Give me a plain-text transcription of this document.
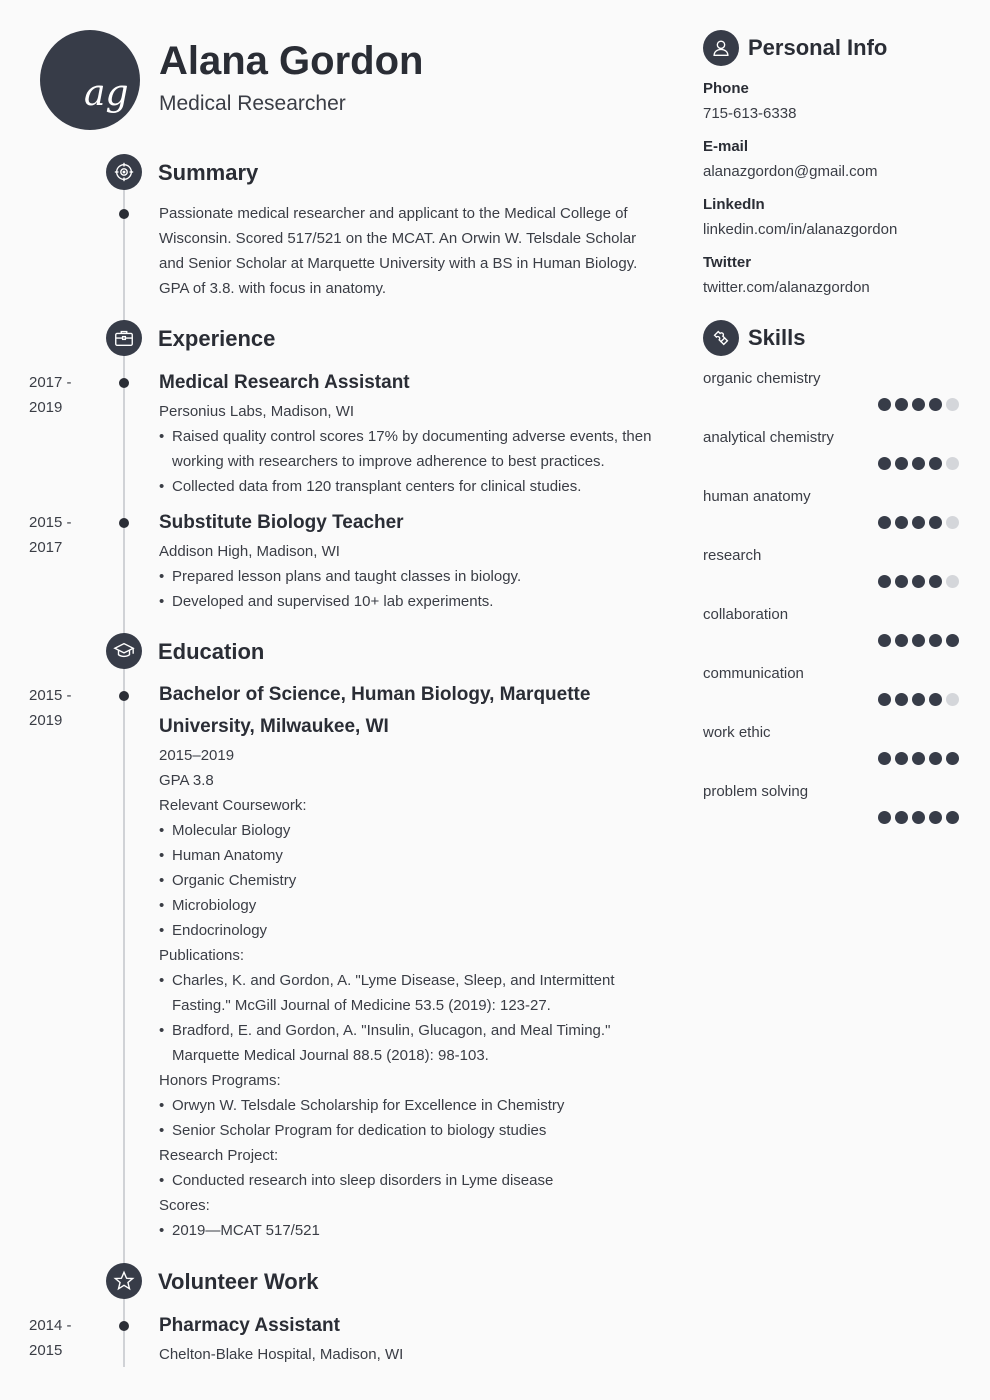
ag
Alana Gordon
Medical Researcher
Summary
Passionate medical researcher and applicant to the Medical College of Wisconsin. Scored 517/521 on the MCAT. An Orwin W. Telsdale Scholar and Senior Scholar at Marquette University with a BS in Human Biology. GPA of 3.8. with focus in anatomy.
Experience
2017 - 2019
Medical Research Assistant
Personius Labs, Madison, WI
• Raised quality control scores 17% by documenting adverse events, then working with researchers to improve adherence to best practices.
• Collected data from 120 transplant centers for clinical studies.
2015 - 2017
Substitute Biology Teacher
Addison High, Madison, WI
• Prepared lesson plans and taught classes in biology.
• Developed and supervised 10+ lab experiments.
Education
2015 - 2019
Bachelor of Science, Human Biology, Marquette University, Milwaukee, WI
2015–2019
GPA 3.8
Relevant Coursework:
• Molecular Biology
• Human Anatomy
• Organic Chemistry
• Microbiology
• Endocrinology
Publications:
• Charles, K. and Gordon, A. "Lyme Disease, Sleep, and Intermittent Fasting." McGill Journal of Medicine 53.5 (2019): 123-27.
• Bradford, E. and Gordon, A. "Insulin, Glucagon, and Meal Timing." Marquette Medical Journal 88.5 (2018): 98-103.
Honors Programs:
• Orwyn W. Telsdale Scholarship for Excellence in Chemistry
• Senior Scholar Program for dedication to biology studies
Research Project:
• Conducted research into sleep disorders in Lyme disease
Scores:
• 2019—MCAT 517/521
Volunteer Work
2014 - 2015
Pharmacy Assistant
Chelton-Blake Hospital, Madison, WI
Personal Info
Phone
715-613-6338
E-mail
alanazgordon@gmail.com
LinkedIn
linkedin.com/in/alanazgordon
Twitter
twitter.com/alanazgordon
Skills
organic chemistry
analytical chemistry
human anatomy
research
collaboration
communication
work ethic
problem solving
